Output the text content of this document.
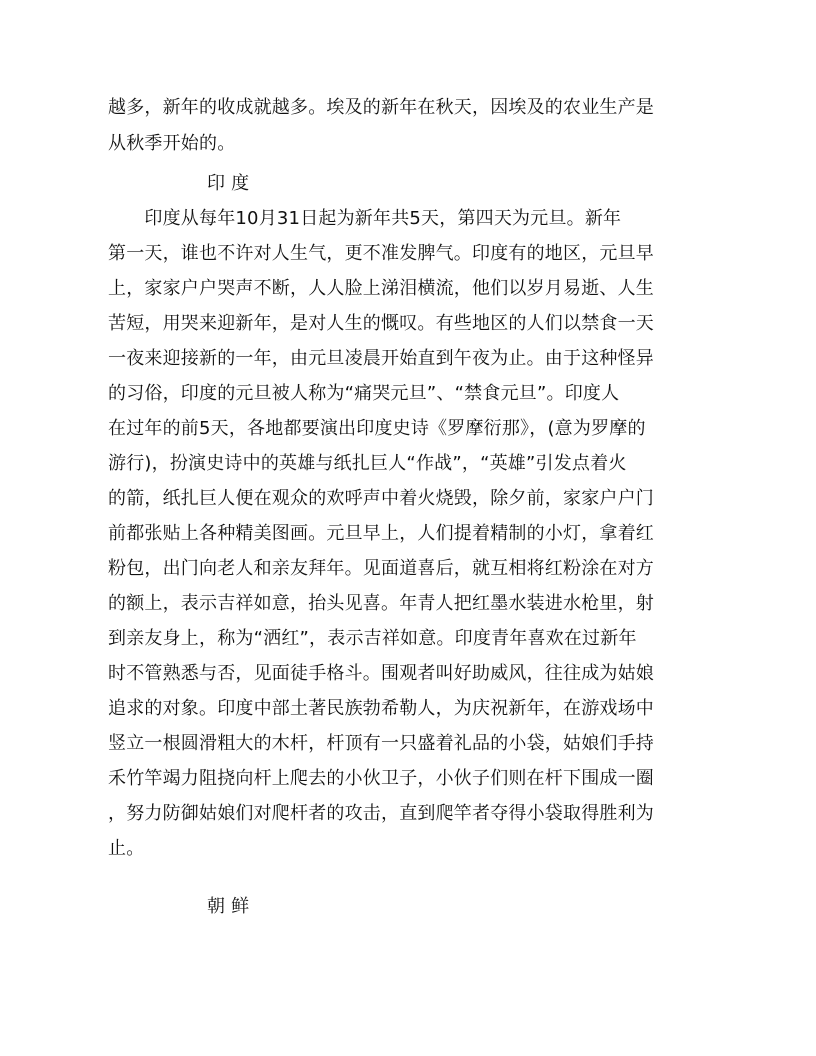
越多，新年的收成就越多。埃及的新年在秋天，因埃及的农业生产是
从秋季开始的。
印 度
　　印度从每年10月31日起为新年共5天，第四天为元旦。新年
第一天，谁也不许对人生气，更不准发脾气。印度有的地区，元旦早
上，家家户户哭声不断，人人脸上涕泪横流，他们以岁月易逝、人生
苦短，用哭来迎新年，是对人生的慨叹。有些地区的人们以禁食一天
一夜来迎接新的一年，由元旦凌晨开始直到午夜为止。由于这种怪异
的习俗，印度的元旦被人称为“痛哭元旦”、“禁食元旦”。印度人
在过年的前5天，各地都要演出印度史诗《罗摩衍那》，(意为罗摩的
游行)，扮演史诗中的英雄与纸扎巨人“作战”，“英雄”引发点着火
的箭，纸扎巨人便在观众的欢呼声中着火烧毁，除夕前，家家户户门
前都张贴上各种精美图画。元旦早上，人们提着精制的小灯，拿着红
粉包，出门向老人和亲友拜年。见面道喜后，就互相将红粉涂在对方
的额上，表示吉祥如意，抬头见喜。年青人把红墨水装进水枪里，射
到亲友身上，称为“洒红”，表示吉祥如意。印度青年喜欢在过新年
时不管熟悉与否，见面徒手格斗。围观者叫好助威风，往往成为姑娘
追求的对象。印度中部土著民族勃希勒人，为庆祝新年，在游戏场中
竖立一根圆滑粗大的木杆，杆顶有一只盛着礼品的小袋，姑娘们手持
禾竹竿竭力阻挠向杆上爬去的小伙卫子，小伙子们则在杆下围成一圈
，努力防御姑娘们对爬杆者的攻击，直到爬竿者夺得小袋取得胜利为
止。
朝 鲜
